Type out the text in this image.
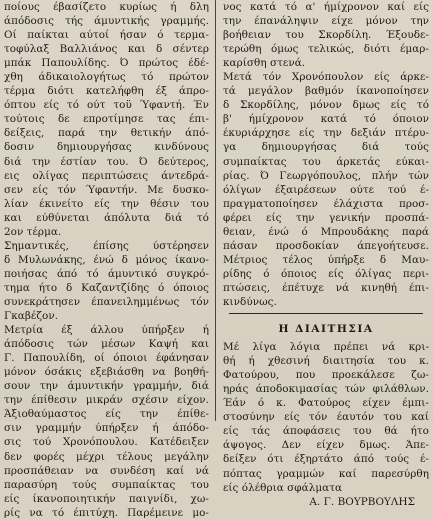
ποίους έβασίζετο κυρίως ή δλη
άπόδοσις τής άμυντικής γραμμής.
Οί παίκται αύτοί ήσαν ό τερμα-
τοφύλαξ Βαλλιάνος και δ σέντερ
μπάκ Παπουλίδης. Ό πρώτος έδέ-
χθη άδικαιολογήτως τό πρώτον
τέρμα διότι κατελήφθη έξ άπρο-
όπτου είς τό ούτ τοϋ Ύφαντή. Έν
τούτοις δε επροτίμησε τας έπι-
δείξεις, παρά την θετικήν άπό-
δοσιν δημιουργήσας κινδύνους
διά την έστίαν του. Ό δεύτερος,
εις ολίγας περιπτώσεις άντεδρά-
σεν είς τόν Ύφαντήν. Με δυσκο-
λίαν έκινείτο είς την θέσιν του
και εύθύνεται άπόλυτα διά τό
2ον τέρμα.
Σημαντικές, έπίσης ύστέρησεν
δ Μυλωνάκης, ένώ δ μόνος ίκανο-
ποιήσας άπό τό άμυντικό συγκρό-
τημα ήτο δ Καζαντζίδης ό όποιος
συνεκράτησεν έπανειλημμένως τόν
Γκαβέζον.
Μετρία έξ άλλου ύπήρξεν ή
άπόδοσις τών μέσων Καψή και
Γ. Παπουλίδη, οί όποιοι έφάνησαν
μόνον όσάκις εξεβιάσθη να βοηθή-
σουν την άμυντικήν γραμμήν, διά
την έπίθεσιν μικράν σχέσιν είχον.
Άξιοθαύμαστος είς την έπίθε-
σιν γραμμήν ύπήρξεν ή άπόδο-
σις τού Χρονόπουλου. Κατέδειξεν
δεν φορές μέχρι τέλους μεγάλην
προσπάθειαν να συνδέση καί νά
παρασύρη τούς συμπαίκτας του
είς ίκανοποιητικήν παιγνίδι, χω-
ρίς να τό έπιτύχη. Παρέμεινε μο-
νος κατά τό α' ήμίχρονον καί είς
την έπανάληψιν είχε μόνον την
βοήθειαν του Σκορδίλη. Έξουδε-
τερώθη όμως τελικώς, διότι έμαρ-
καρίσθη στενά.
Μετά τόν Χρονόπουλον είς άρκε-
τά μεγάλον βαθμόν ίκανοποίησεν
δ Σκορδίλης, μόνον δμως είς τό
β' ήμίχρονον κατά τό όποιον
έκυριάρχησε είς την δεξιάν πτέρυ-
γα δημιουργήσας διά τούς
συμπαίκτας του άρκετάς εύκαι-
ρίας. Ό Γεωργόπουλος, πλήν τών
όλίγων έξαιρέσεων ούτε τού έ-
πραγματοποίησεν έλάχιστα προσ-
φέρει είς την γενικήν προσπά-
θειαν, ένώ ό Μπρουδάκης παρά
πάσαν προσδοκίαν άπεγοήτευσε.
Μέτριος τέλος ύπήρξε δ Μαυ-
ρίδης ό όποιος είς όλίγας περι-
πτώσεις, έπέτυχε νά κινηθή έπι-
κινδύνως.
Η ΔΙΑΙΤΗΣΙΑ
Μέ λίγα λόγια πρέπει νά κρι-
θή ή χθεσινή διαιτησία του κ.
Φατούρου, που προεκάλεσε ζω-
ηράς άποδοκιμασίας τών φιλάθλων.
Έάν ό κ. Φατούρος είχεν έμπι-
στοσύνην είς τόν έαυτόν του καί
είς τάς άποφάσεις του θά ήτο
άψογος. Δεν είχεν δμως. Άπε-
δείξεν ότι έξηρτάτο άπό τούς έ-
πόπτας γραμμών καί παρεσύρθη
είς όλέθρια σφάλματα
Α. Γ. ΒΟΥΡΒΟΥΛΗΣ
